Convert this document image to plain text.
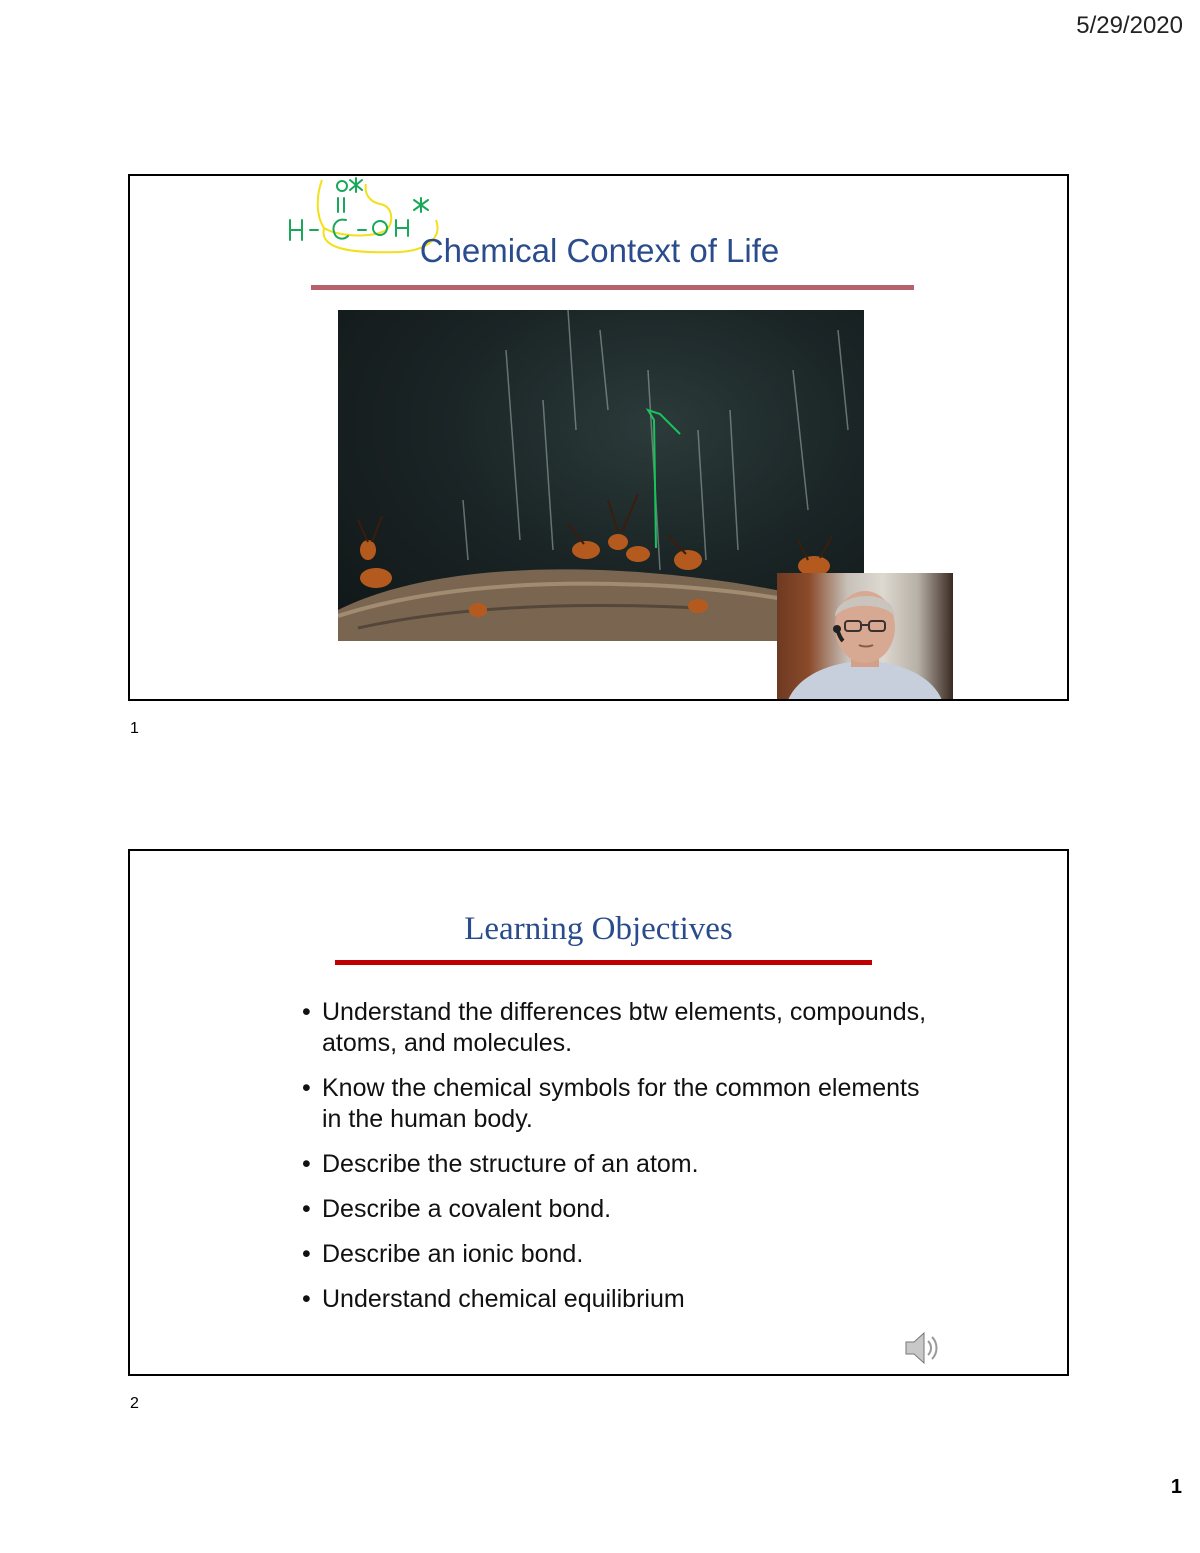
5/29/2020
Chemical Context of Life
1
Learning Objectives
• Understand the differences btw elements, compounds, atoms, and molecules.
• Know the chemical symbols for the common elements in the human body.
• Describe the structure of an atom.
• Describe a covalent bond.
• Describe an ionic bond.
• Understand chemical equilibrium
2
1
